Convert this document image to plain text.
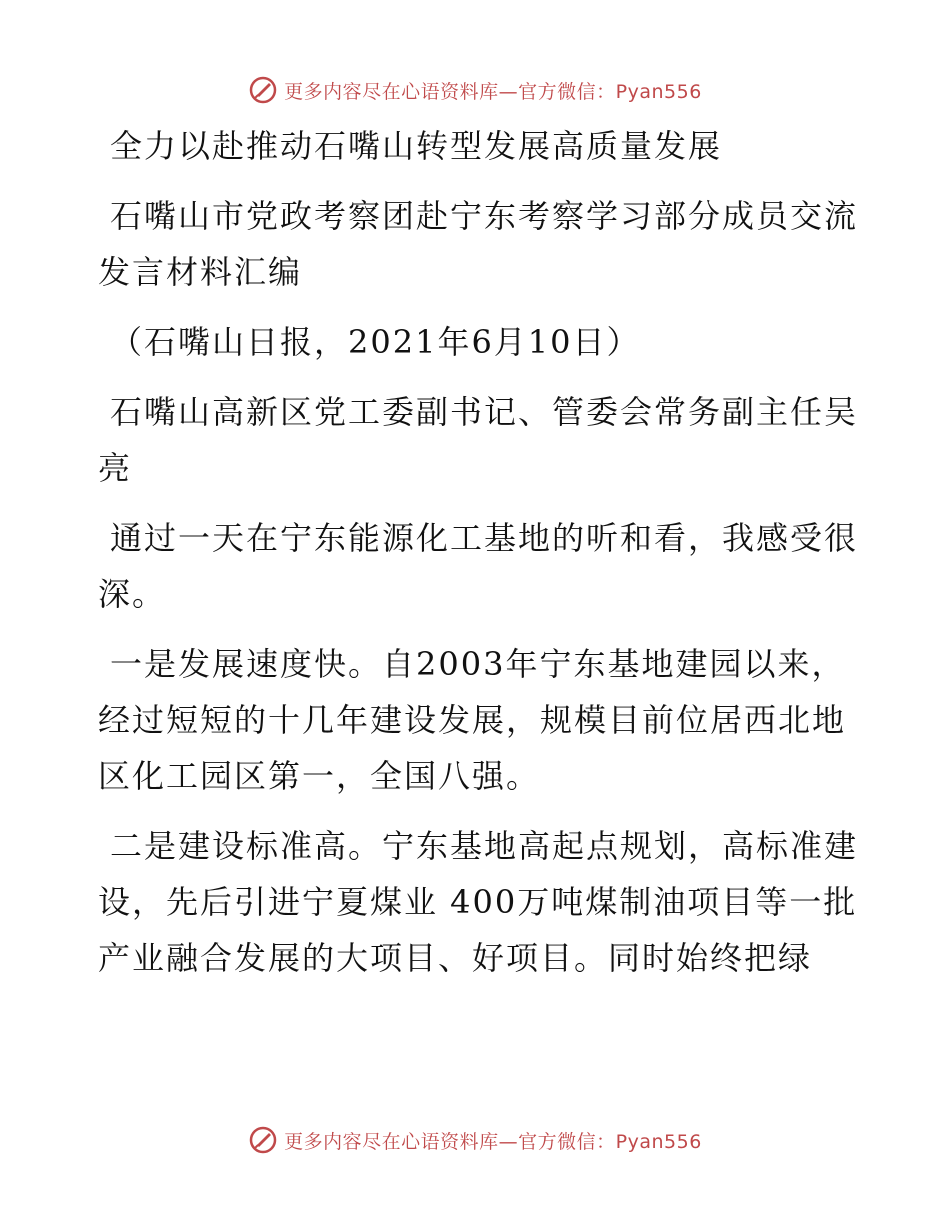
更多内容尽在心语资料库—官方微信：Pyan556

全力以赴推动石嘴山转型发展高质量发展

石嘴山市党政考察团赴宁东考察学习部分成员交流发言材料汇编

（石嘴山日报，2021年6月10日）

石嘴山高新区党工委副书记、管委会常务副主任吴亮

通过一天在宁东能源化工基地的听和看，我感受很深。

一是发展速度快。自2003年宁东基地建园以来，经过短短的十几年建设发展，规模目前位居西北地区化工园区第一，全国八强。

二是建设标准高。宁东基地高起点规划，高标准建设，先后引进宁夏煤业 400万吨煤制油项目等一批产业融合发展的大项目、好项目。同时始终把绿

更多内容尽在心语资料库—官方微信：Pyan556
